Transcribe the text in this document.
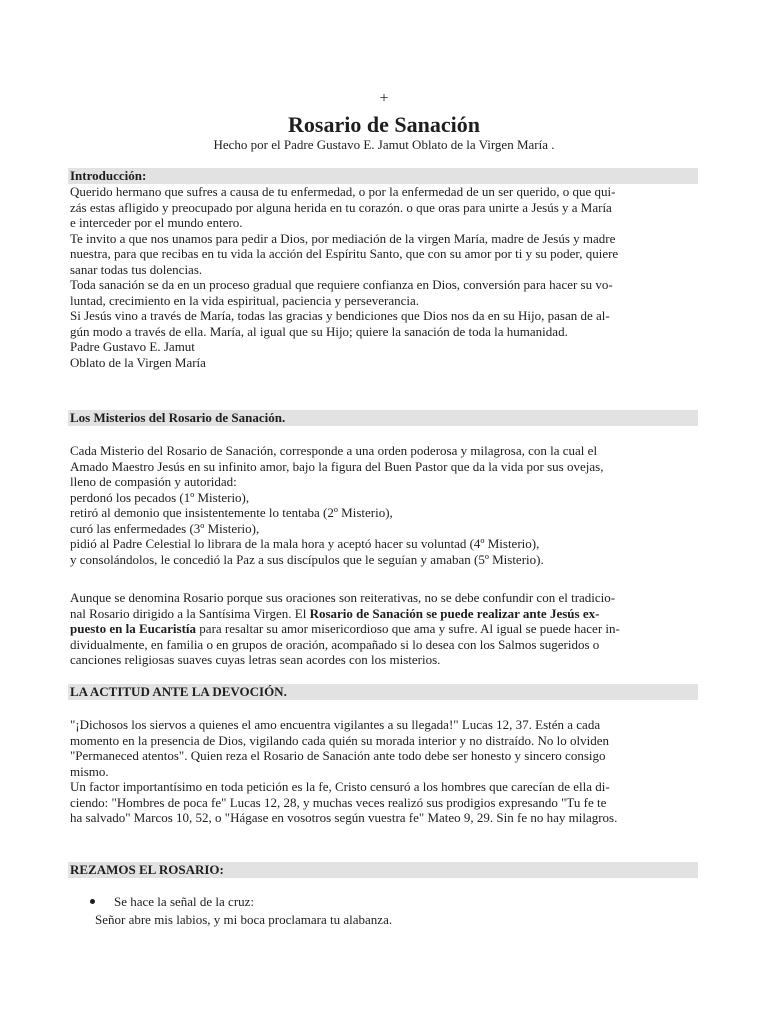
+
Rosario de Sanación
Hecho por el Padre Gustavo E. Jamut Oblato de la Virgen María .
Introducción:

Querido hermano que sufres a causa de tu enfermedad, o por la enfermedad de un ser querido, o que qui-

zás estas afligido y preocupado por alguna herida en tu corazón. o que oras para unirte a Jesús y a María

e interceder por el mundo entero.

Te invito a que nos unamos para pedir a Dios, por mediación de la virgen María, madre de Jesús y madre

nuestra, para que recibas en tu vida la acción del Espíritu Santo, que con su amor por ti y su poder, quiere

sanar todas tus dolencias.

Toda sanación se da en un proceso gradual que requiere confianza en Dios, conversión para hacer su vo-

luntad, crecimiento en la vida espiritual, paciencia y perseverancia.

Si Jesús vino a través de María, todas las gracias y bendiciones que Dios nos da en su Hijo, pasan de al-

gún modo a través de ella. María, al igual que su Hijo; quiere la sanación de toda la humanidad.

Padre Gustavo E. Jamut

Oblato de la Virgen María

Los Misterios del Rosario de Sanación.

Cada Misterio del Rosario de Sanación, corresponde a una orden poderosa y milagrosa, con la cual el

Amado Maestro Jesús en su infinito amor, bajo la figura del Buen Pastor que da la vida por sus ovejas,

lleno de compasión y autoridad:

perdonó los pecados (1º Misterio),

retiró al demonio que insistentemente lo tentaba (2º Misterio),

curó las enfermedades (3º Misterio),

pidió al Padre Celestial lo librara de la mala hora y aceptó hacer su voluntad (4º Misterio),

y consolándolos, le concedió la Paz a sus discípulos que le seguían y amaban (5º Misterio).

Aunque se denomina Rosario porque sus oraciones son reiterativas, no se debe confundir con el tradicio-

nal Rosario dirigido a la Santísima Virgen. El Rosario de Sanación se puede realizar ante Jesús ex-

puesto en la Eucaristía para resaltar su amor misericordioso que ama y sufre. Al igual se puede hacer in-

dividualmente, en familia o en grupos de oración, acompañado si lo desea con los Salmos sugeridos o

canciones religiosas suaves cuyas letras sean acordes con los misterios.

LA ACTITUD ANTE LA DEVOCIÓN.

"¡Dichosos los siervos a quienes el amo encuentra vigilantes a su llegada!" Lucas 12, 37. Estén a cada

momento en la presencia de Dios, vigilando cada quién su morada interior y no distraído. No lo olviden

"Permaneced atentos". Quien reza el Rosario de Sanación ante todo debe ser honesto y sincero consigo

mismo.

Un factor importantísimo en toda petición es la fe, Cristo censuró a los hombres que carecían de ella di-

ciendo: "Hombres de poca fe" Lucas 12, 28, y muchas veces realizó sus prodigios expresando "Tu fe te

ha salvado" Marcos 10, 52, o "Hágase en vosotros según vuestra fe" Mateo 9, 29. Sin fe no hay milagros.

REZAMOS EL ROSARIO:
Se hace la señal de la cruz:
Señor abre mis labios, y mi boca proclamara tu alabanza.
